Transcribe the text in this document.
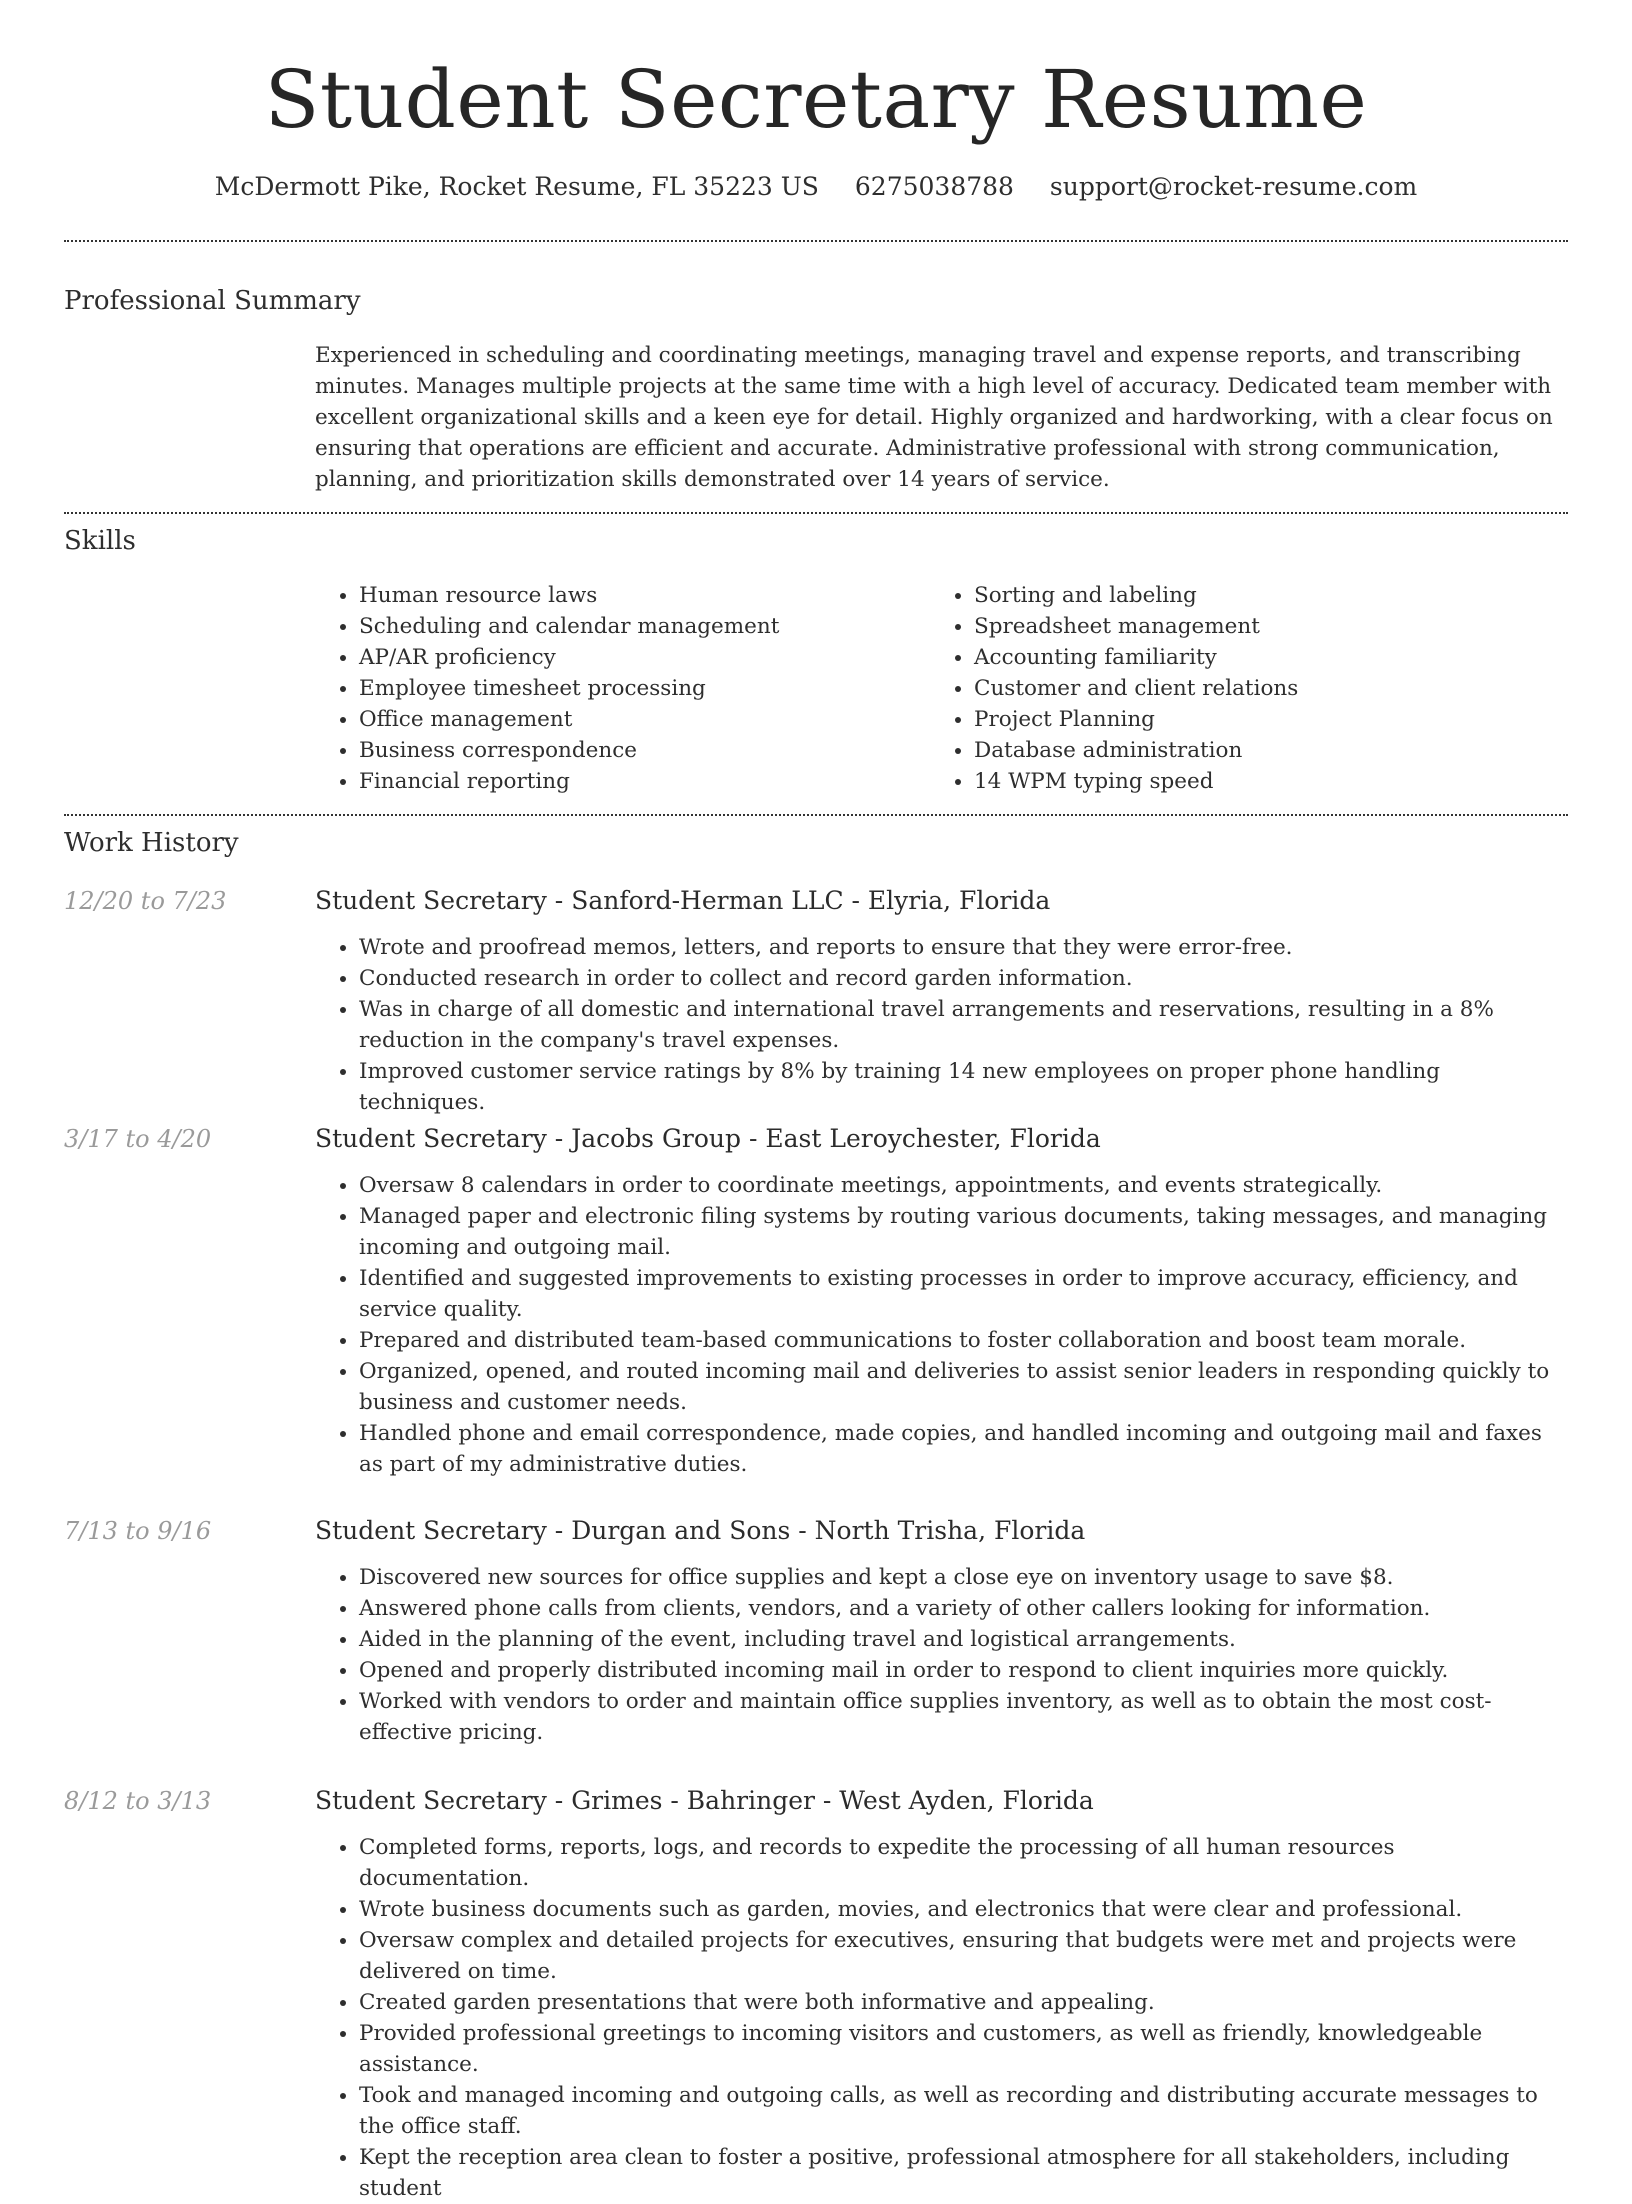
Student Secretary Resume
McDermott Pike, Rocket Resume, FL 35223 US 6275038788 support@rocket-resume.com
Professional Summary
Experienced in scheduling and coordinating meetings, managing travel and expense reports, and transcribing minutes. Manages multiple projects at the same time with a high level of accuracy. Dedicated team member with excellent organizational skills and a keen eye for detail. Highly organized and hardworking, with a clear focus on ensuring that operations are efficient and accurate. Administrative professional with strong communication, planning, and prioritization skills demonstrated over 14 years of service.
Skills
• Human resource laws
• Scheduling and calendar management
• AP/AR proficiency
• Employee timesheet processing
• Office management
• Business correspondence
• Financial reporting
• Sorting and labeling
• Spreadsheet management
• Accounting familiarity
• Customer and client relations
• Project Planning
• Database administration
• 14 WPM typing speed
Work History
12/20 to 7/23	Student Secretary - Sanford-Herman LLC - Elyria, Florida
• Wrote and proofread memos, letters, and reports to ensure that they were error-free.
• Conducted research in order to collect and record garden information.
• Was in charge of all domestic and international travel arrangements and reservations, resulting in a 8% reduction in the company's travel expenses.
• Improved customer service ratings by 8% by training 14 new employees on proper phone handling techniques.
3/17 to 4/20	Student Secretary - Jacobs Group - East Leroychester, Florida
• Oversaw 8 calendars in order to coordinate meetings, appointments, and events strategically.
• Managed paper and electronic filing systems by routing various documents, taking messages, and managing incoming and outgoing mail.
• Identified and suggested improvements to existing processes in order to improve accuracy, efficiency, and service quality.
• Prepared and distributed team-based communications to foster collaboration and boost team morale.
• Organized, opened, and routed incoming mail and deliveries to assist senior leaders in responding quickly to business and customer needs.
• Handled phone and email correspondence, made copies, and handled incoming and outgoing mail and faxes as part of my administrative duties.
7/13 to 9/16	Student Secretary - Durgan and Sons - North Trisha, Florida
• Discovered new sources for office supplies and kept a close eye on inventory usage to save $8.
• Answered phone calls from clients, vendors, and a variety of other callers looking for information.
• Aided in the planning of the event, including travel and logistical arrangements.
• Opened and properly distributed incoming mail in order to respond to client inquiries more quickly.
• Worked with vendors to order and maintain office supplies inventory, as well as to obtain the most cost-effective pricing.
8/12 to 3/13	Student Secretary - Grimes - Bahringer - West Ayden, Florida
• Completed forms, reports, logs, and records to expedite the processing of all human resources documentation.
• Wrote business documents such as garden, movies, and electronics that were clear and professional.
• Oversaw complex and detailed projects for executives, ensuring that budgets were met and projects were delivered on time.
• Created garden presentations that were both informative and appealing.
• Provided professional greetings to incoming visitors and customers, as well as friendly, knowledgeable assistance.
• Took and managed incoming and outgoing calls, as well as recording and distributing accurate messages to the office staff.
• Kept the reception area clean to foster a positive, professional atmosphere for all stakeholders, including student
